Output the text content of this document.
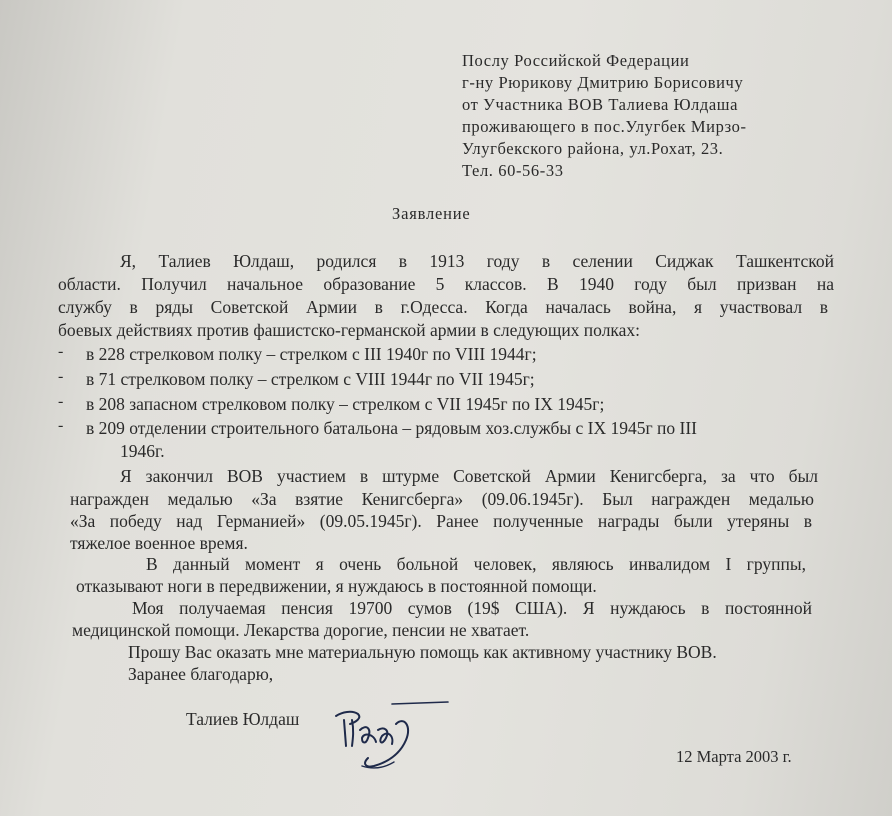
Послу Российской Федерации
г-ну Рюрикову Дмитрию Борисовичу
от Участника ВОВ Талиева Юлдаша
проживающего в пос.Улугбек Мирзо-
Улугбекского района, ул.Рохат, 23.
Тел. 60-56-33
Заявление
Я, Талиев Юлдаш, родился в 1913 году в селении Сиджак Ташкентской
области. Получил начальное образование 5 классов. В 1940 году был призван на
службу в ряды Советской Армии в г.Одесса. Когда началась война, я участвовал в
боевых действиях против фашистско-германской армии в следующих полках:
- в 228 стрелковом полку – стрелком с III 1940г по VIII 1944г;
- в 71 стрелковом полку – стрелком с VIII 1944г по VII 1945г;
- в 208 запасном стрелковом полку – стрелком с VII 1945г по IX 1945г;
- в 209 отделении строительного батальона – рядовым хоз.службы с IX 1945г по III
1946г.
Я закончил ВОВ участием в штурме Советской Армии Кенигсберга, за что был
награжден медалью «За взятие Кенигсберга» (09.06.1945г). Был награжден медалью
«За победу над Германией» (09.05.1945г). Ранее полученные награды были утеряны в
тяжелое военное время.
В данный момент я очень больной человек, являюсь инвалидом I группы,
отказывают ноги в передвижении, я нуждаюсь в постоянной помощи.
Моя получаемая пенсия 19700 сумов (19$ США). Я нуждаюсь в постоянной
медицинской помощи. Лекарства дорогие, пенсии не хватает.
Прошу Вас оказать мне материальную помощь как активному участнику ВОВ.
Заранее благодарю,
Талиев Юлдаш
12 Марта 2003 г.
